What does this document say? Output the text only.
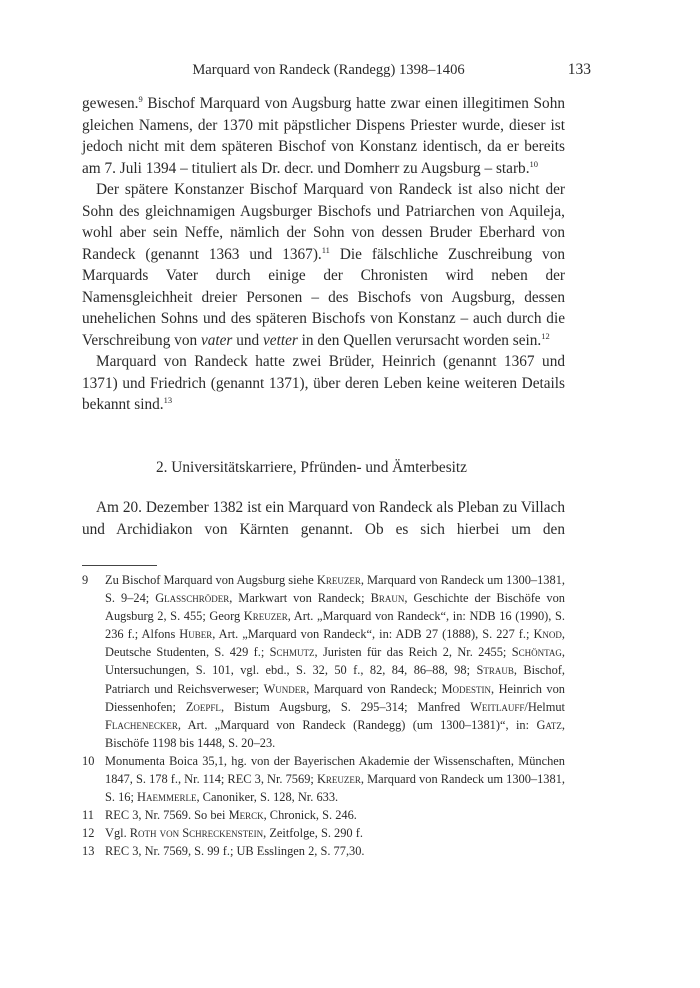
Marquard von Randeck (Randegg) 1398–1406	133

gewesen.$^9$ Bischof Marquard von Augsburg hatte zwar einen illegitimen Sohn gleichen Namens, der 1370 mit päpstlicher Dispens Priester wurde, dieser ist jedoch nicht mit dem späteren Bischof von Konstanz identisch, da er bereits am 7. Juli 1394 – tituliert als Dr. decr. und Domherr zu Augsburg – starb.$^{10}$

Der spätere Konstanzer Bischof Marquard von Randeck ist also nicht der Sohn des gleichnamigen Augsburger Bischofs und Patriarchen von Aquileja, wohl aber sein Neffe, nämlich der Sohn von dessen Bruder Eberhard von Randeck (genannt 1363 und 1367).$^{11}$ Die fälschliche Zuschreibung von Marquards Vater durch einige der Chronisten wird neben der Namensgleichheit dreier Personen – des Bischofs von Augsburg, dessen unehelichen Sohns und des späteren Bischofs von Konstanz – auch durch die Verschreibung von vater und vetter in den Quellen verursacht worden sein.$^{12}$

Marquard von Randeck hatte zwei Brüder, Heinrich (genannt 1367 und 1371) und Friedrich (genannt 1371), über deren Leben keine weiteren Details bekannt sind.$^{13}$

2. Universitätskarriere, Pfründen- und Ämterbesitz

Am 20. Dezember 1382 ist ein Marquard von Randeck als Pleban zu Villach und Archidiakon von Kärnten genannt. Ob es sich hierbei um den

9 Zu Bischof Marquard von Augsburg siehe Kreuzer, Marquard von Randeck um 1300–1381, S. 9–24; Glasschröder, Markwart von Randeck; Braun, Geschichte der Bischöfe von Augsburg 2, S. 455; Georg Kreuzer, Art. „Marquard von Randeck“, in: NDB 16 (1990), S. 236 f.; Alfons Huber, Art. „Marquard von Randeck“, in: ADB 27 (1888), S. 227 f.; Knod, Deutsche Studenten, S. 429 f.; Schmutz, Juristen für das Reich 2, Nr. 2455; Schöntag, Untersuchungen, S. 101, vgl. ebd., S. 32, 50 f., 82, 84, 86–88, 98; Straub, Bischof, Patriarch und Reichsverweser; Wunder, Marquard von Randeck; Modestin, Heinrich von Diessenhofen; Zoepfl, Bistum Augsburg, S. 295–314; Manfred Weitlauff/Helmut Flachenecker, Art. „Marquard von Randeck (Randegg) (um 1300–1381)“, in: Gatz, Bischöfe 1198 bis 1448, S. 20–23.
10 Monumenta Boica 35,1, hg. von der Bayerischen Akademie der Wissenschaften, München 1847, S. 178 f., Nr. 114; REC 3, Nr. 7569; Kreuzer, Marquard von Randeck um 1300–1381, S. 16; Haemmerle, Canoniker, S. 128, Nr. 633.
11 REC 3, Nr. 7569. So bei Merck, Chronick, S. 246.
12 Vgl. Roth von Schreckenstein, Zeitfolge, S. 290 f.
13 REC 3, Nr. 7569, S. 99 f.; UB Esslingen 2, S. 77,30.
